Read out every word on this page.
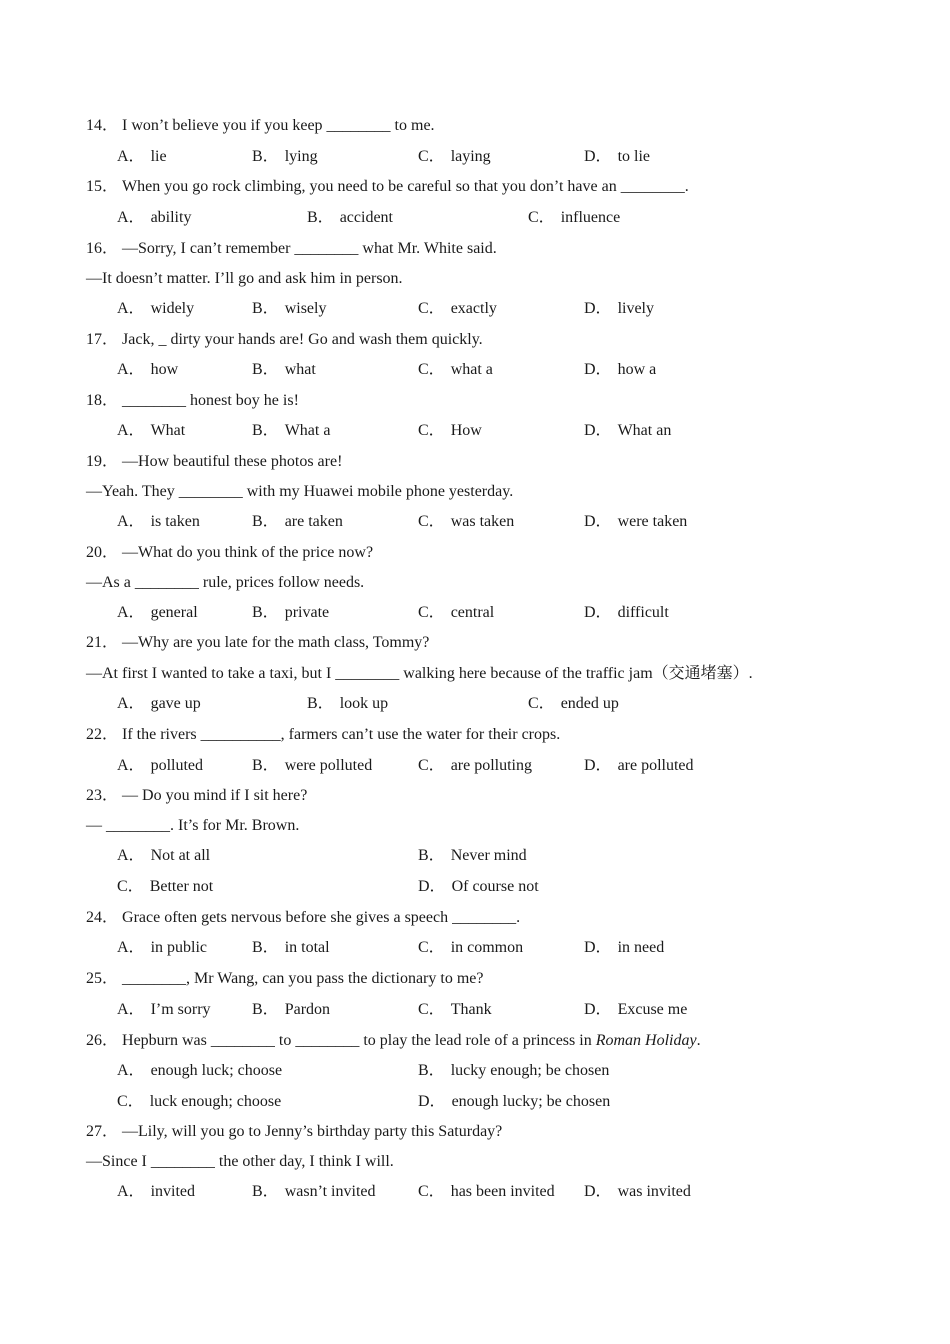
14． I won’t believe you if you keep ________ to me.
A． lie	B． lying	C． laying	D． to lie
15． When you go rock climbing, you need to be careful so that you don’t have an ________.
A． ability	B． accident	C． influence
16． —Sorry, I can’t remember ________ what Mr. White said.
—It doesn’t matter. I’ll go and ask him in person.
A． widely	B． wisely	C． exactly	D． lively
17． Jack, _ dirty your hands are! Go and wash them quickly.
A． how	B． what	C． what a	D． how a
18． ________ honest boy he is!
A． What	B． What a	C． How	D． What an
19． —How beautiful these photos are!
—Yeah. They ________ with my Huawei mobile phone yesterday.
A． is taken	B． are taken	C． was taken	D． were taken
20． —What do you think of the price now?
—As a ________ rule, prices follow needs.
A． general	B． private	C． central	D． difficult
21． —Why are you late for the math class, Tommy?
—At first I wanted to take a taxi, but I ________ walking here because of the traffic jam（交通堵塞）.
A． gave up	B． look up	C． ended up
22． If the rivers __________, farmers can’t use the water for their crops.
A． polluted	B． were polluted	C． are polluting	D． are polluted
23． — Do you mind if I sit here?
— ________. It’s for Mr. Brown.
A． Not at all	B． Never mind
C． Better not	D． Of course not
24． Grace often gets nervous before she gives a speech ________.
A． in public	B． in total	C． in common	D． in need
25． ________, Mr Wang, can you pass the dictionary to me?
A． I’m sorry	B． Pardon	C． Thank	D． Excuse me
26． Hepburn was ________ to ________ to play the lead role of a princess in Roman Holiday.
A． enough luck; choose	B． lucky enough; be chosen
C． luck enough; choose	D． enough lucky; be chosen
27． —Lily, will you go to Jenny’s birthday party this Saturday?
—Since I ________ the other day, I think I will.
A． invited	B． wasn’t invited	C． has been invited D． was invited
